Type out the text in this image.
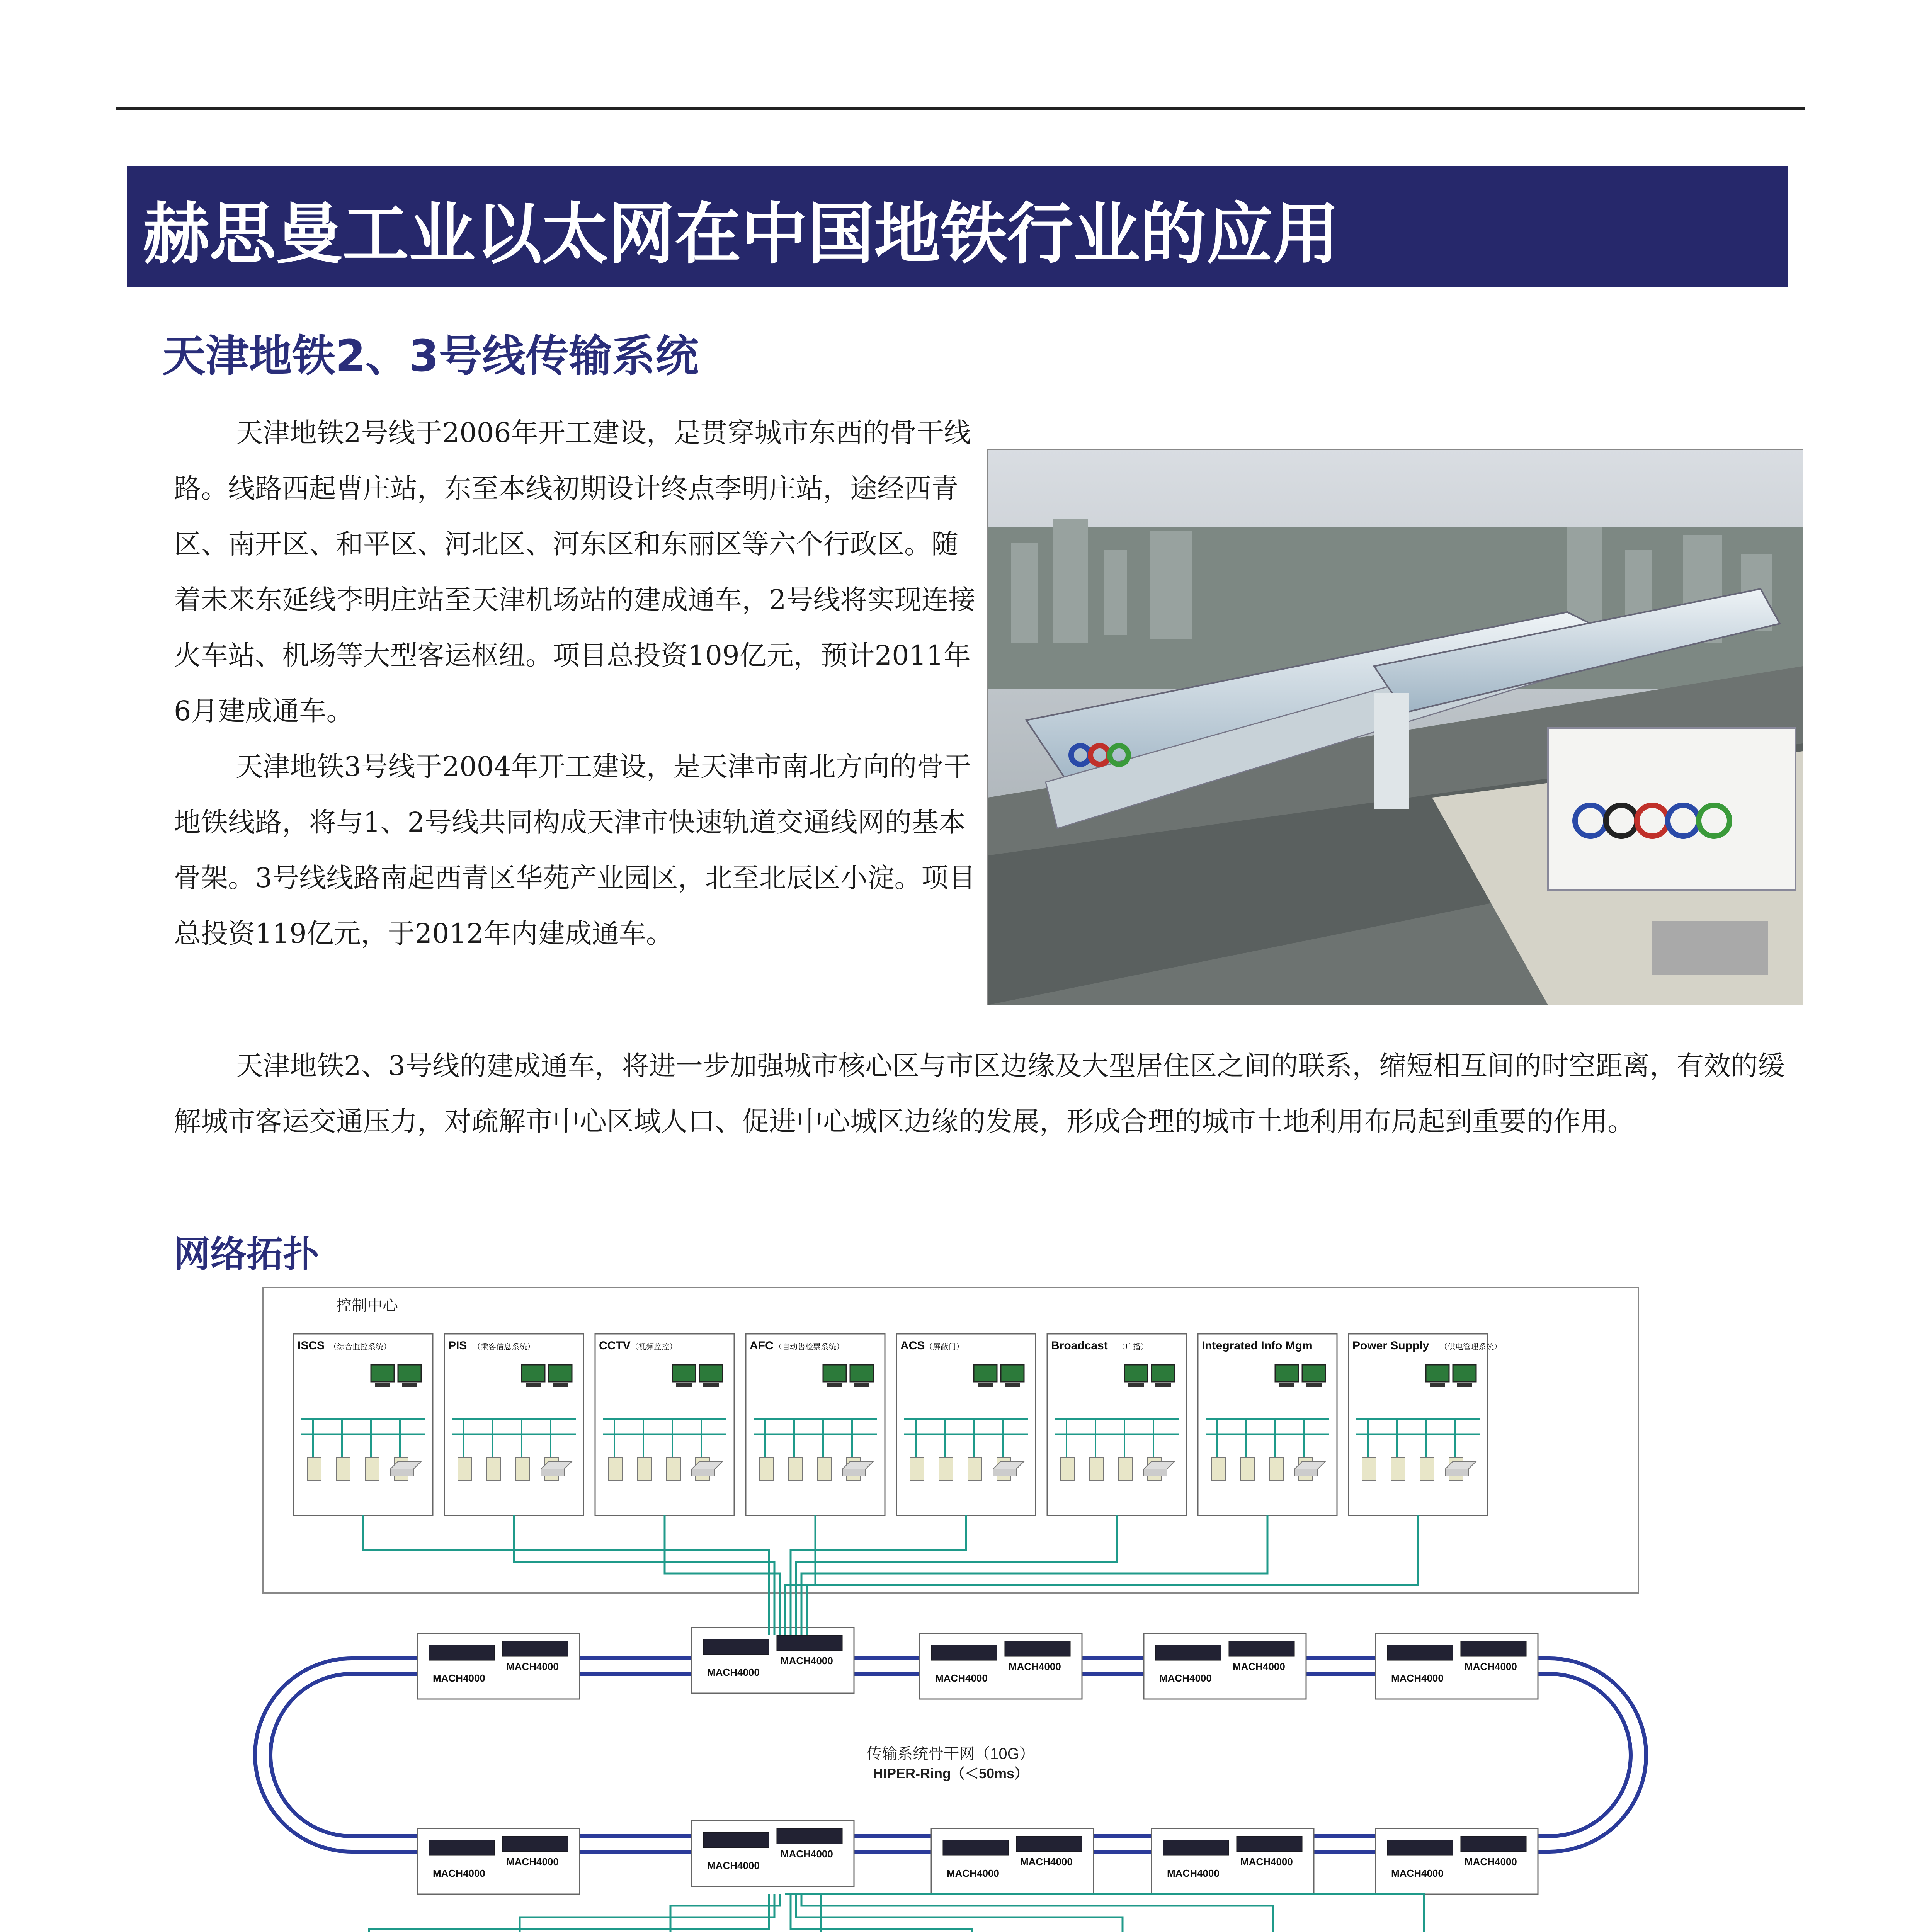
赫思曼工业以太网在中国地铁行业的应用
天津地铁2、3号线传输系统

天津地铁2号线于2006年开工建设，是贯穿城市东西的骨干线路。线路西起曹庄站，东至本线初期设计终点李明庄站，途经西青区、南开区、和平区、河北区、河东区和东丽区等六个行政区。随着未来东延线李明庄站至天津机场站的建成通车，2号线将实现连接火车站、机场等大型客运枢纽。项目总投资109亿元，预计2011年6月建成通车。

天津地铁3号线于2004年开工建设，是天津市南北方向的骨干地铁线路，将与1、2号线共同构成天津市快速轨道交通线网的基本骨架。3号线线路南起西青区华苑产业园区，北至北辰区小淀。项目总投资119亿元，于2012年内建成通车。

天津地铁2、3号线的建成通车，将进一步加强城市核心区与市区边缘及大型居住区之间的联系，缩短相互间的时空距离，有效的缓解城市客运交通压力，对疏解市中心区域人口、促进中心城区边缘的发展，形成合理的城市土地利用布局起到重要的作用。

网络拓扑
控制中心
ISCS （综合监控系统）	PIS （乘客信息系统）	CCTV （视频监控）	AFC （自动售检票系统）	ACS （屏蔽门）	Broadcast （广播）	Integrated Info Mgm	Power Supply （供电管理系统）
MACH4000
MACH4000
MACH4000
MACH4000	MACH4000
MACH4000
MACH4000
MACH4000
MACH4000
MACH4000
MACH4000
MACH4000
MACH4000
MACH4000	MACH4000
MACH4000
MACH4000
MACH4000
MACH4000
MACH4000
传输系统骨干网（10G）
HIPER-Ring（＜50ms）
